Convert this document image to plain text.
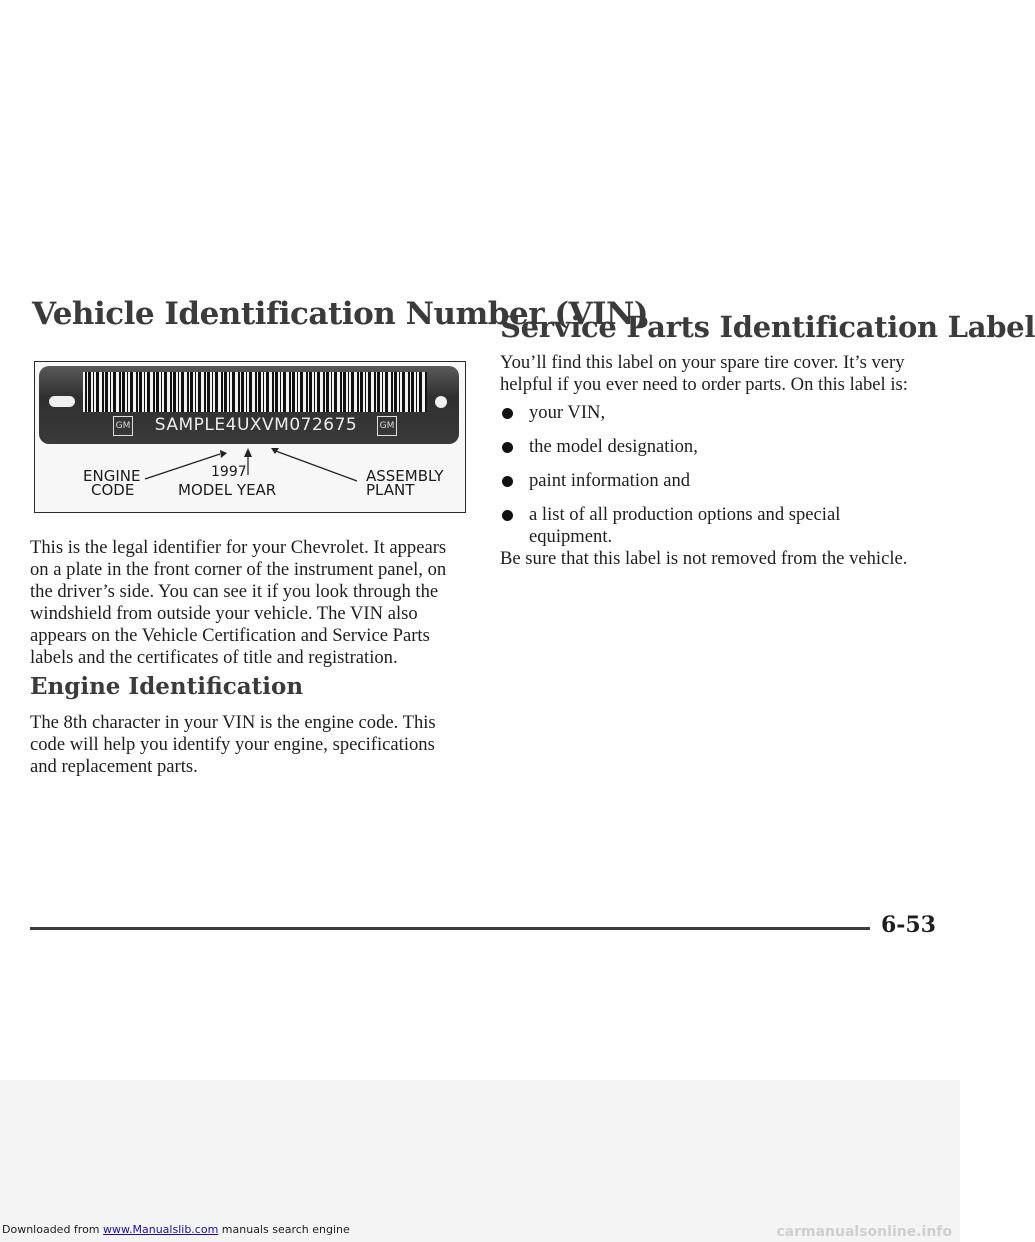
Vehicle Identification Number (VIN)
GM	SAMPLE4UXVM072675	GM

ENGINE

CODE

1997

MODEL YEAR

ASSEMBLY

PLANT

This is the legal identifier for your Chevrolet. It appears on a plate in the front corner of the instrument panel, on the driver’s side. You can see it if you look through the windshield from outside your vehicle. The VIN also appears on the Vehicle Certification and Service Parts labels and the certificates of title and registration.

Engine Identification

The 8th character in your VIN is the engine code. This code will help you identify your engine, specifications and replacement parts.

Service Parts Identification Label

You’ll find this label on your spare tire cover. It’s very helpful if you ever need to order parts. On this label is:

your VIN,
the model designation,
paint information and
a list of all production options and special equipment.

Be sure that this label is not removed from the vehicle.

6-53

Downloaded from www.Manualslib.com manuals search engine	carmanualsonline.info
